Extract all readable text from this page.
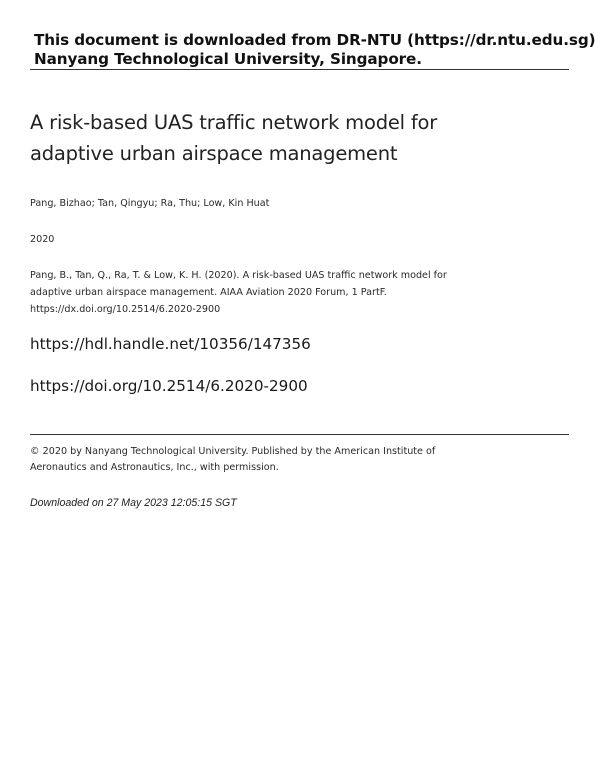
This document is downloaded from DR-NTU (https://dr.ntu.edu.sg)
Nanyang Technological University, Singapore.
A risk-based UAS traffic network model for
adaptive urban airspace management
Pang, Bizhao; Tan, Qingyu; Ra, Thu; Low, Kin Huat
2020
Pang, B., Tan, Q., Ra, T. & Low, K. H. (2020). A risk-based UAS traffic network model for
adaptive urban airspace management. AIAA Aviation 2020 Forum, 1 PartF.
https://dx.doi.org/10.2514/6.2020-2900
https://hdl.handle.net/10356/147356
https://doi.org/10.2514/6.2020-2900
© 2020 by Nanyang Technological University. Published by the American Institute of
Aeronautics and Astronautics, Inc., with permission.
Downloaded on 27 May 2023 12:05:15 SGT
